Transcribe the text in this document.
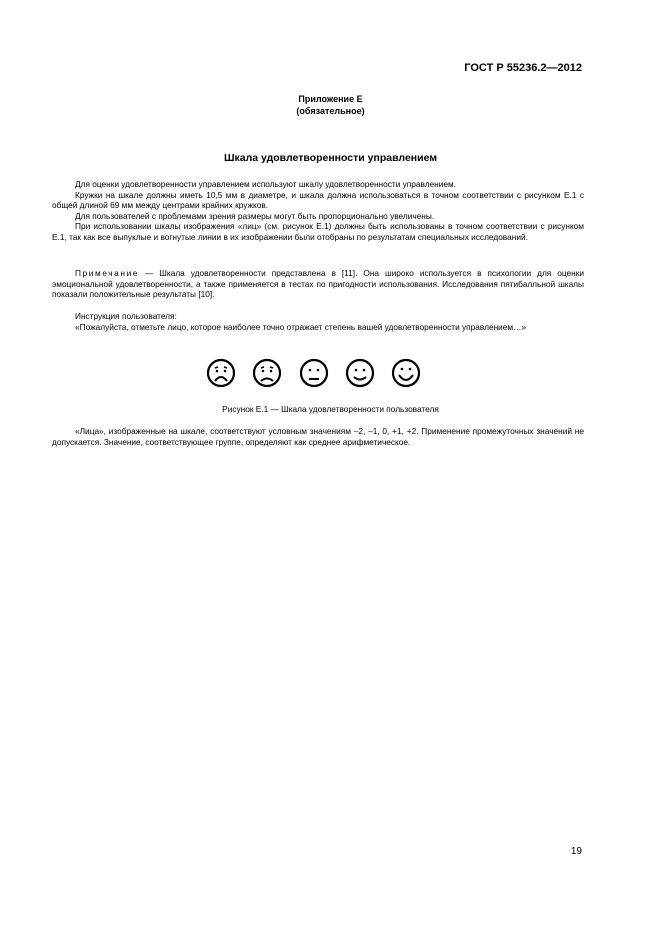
ГОСТ Р 55236.2—2012
Приложение Е
(обязательное)
Шкала удовлетворенности управлением

Для оценки удовлетворенности управлением используют шкалу удовлетворенности управлением.

Кружки на шкале должны иметь 10,5 мм в диаметре, и шкала должна использоваться в точном соответствии с рисунком Е.1 с общей длиной 69 мм между центрами крайних кружков.

Для пользователей с проблемами зрения размеры могут быть пропорционально увеличены.

При использовании шкалы изображения «лиц» (см. рисунок Е.1) должны быть использованы в точном соответствии с рисунком Е.1, так как все выпуклые и вогнутые линии в их изображении были отобраны по результатам специальных исследований.

Примечание — Шкала удовлетворенности представлена в [11]. Она широко используется в психологии для оценки эмоциональной удовлетворенности, а также применяется в тестах по пригодности использования. Исследования пятибалльной шкалы показали положительные результаты [10].

Инструкция пользователя:

«Пожалуйста, отметьте лицо, которое наиболее точно отражает степень вашей удовлетворенности управлением…»

Рисунок Е.1 — Шкала удовлетворенности пользователя
«Лица», изображенные на шкале, соответствуют условным значениям –2, –1, 0, +1, +2. Применение промежуточных значений не допускается. Значение, соответствующее группе, определяют как среднее арифметическое.
19
